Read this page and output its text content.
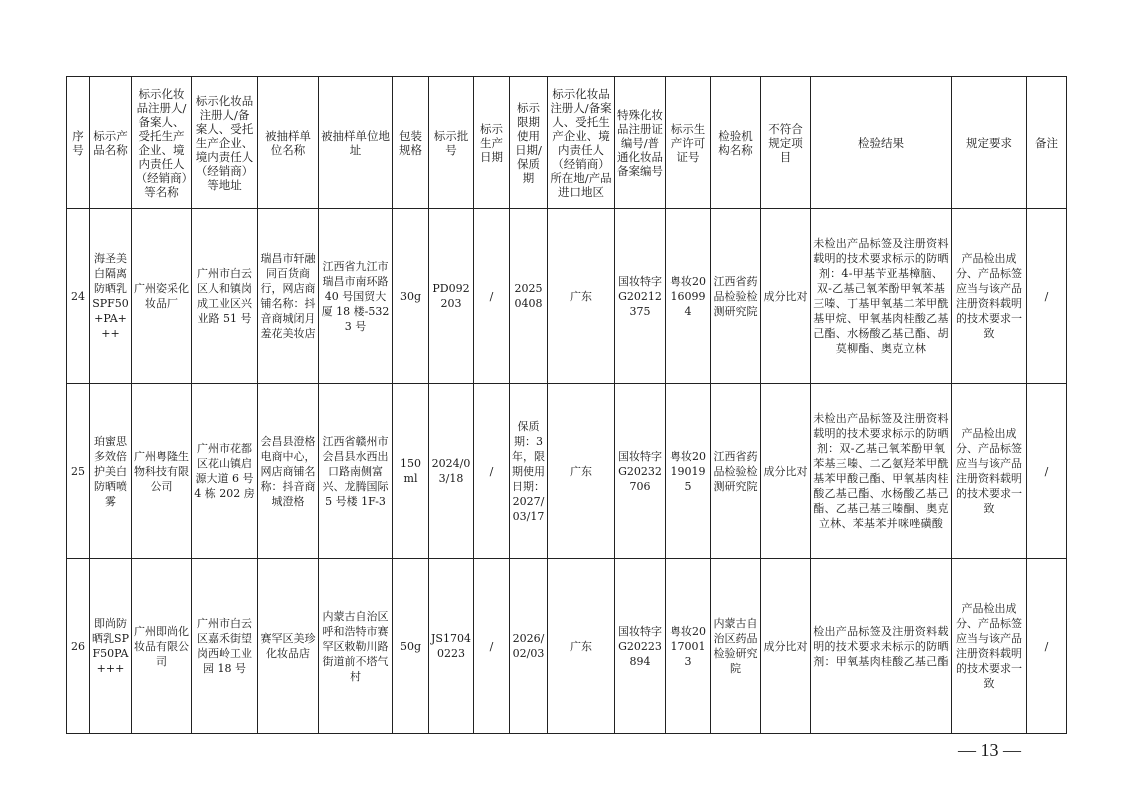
序号	标示产品名称	标示化妆品注册人/备案人、受托生产企业、境内责任人（经销商）等名称	标示化妆品注册人/备案人、受托生产企业、境内责任人（经销商）等地址	被抽样单位名称	被抽样单位地址	包装规格	标示批号	标示生产日期	标示限期使用日期/保质期	标示化妆品注册人/备案人、受托生产企业、境内责任人（经销商）所在地/产品进口地区	特殊化妆品注册证编号/普通化妆品备案编号	标示生产许可证号	检验机构名称	不符合规定项目	检验结果	规定要求	备注
24	海圣美白隔离防晒乳SPF50+PA+++	广州姿采化妆品厂	广州市白云区人和镇岗成工业区兴业路 51 号	瑞昌市轩融同百货商行，网店商铺名称：抖音商城闭月羞花美妆店	江西省九江市瑞昌市南环路 40 号国贸大厦 18 楼-5323 号	30g	PD092203	/	20250408	广东	国妆特字G20212375	粤妆20160994	江西省药品检验检测研究院	成分比对	未检出产品标签及注册资料载明的技术要求标示的防晒剂：4-甲基苄亚基樟脑、双-乙基己氧苯酚甲氧苯基三嗪、丁基甲氧基二苯甲酰基甲烷、甲氧基肉桂酸乙基己酯、水杨酸乙基己酯、胡莫柳酯、奥克立林	产品检出成分、产品标签应当与该产品注册资料载明的技术要求一致	/
25	珀蜜思多效倍护美白防晒喷雾	广州粤隆生物科技有限公司	广州市花都区花山镇启源大道 6 号 4 栋 202 房	会昌县澄格电商中心，网店商铺名称：抖音商城澄格	江西省赣州市会昌县水西出口路南侧富兴、龙腾国际 5 号楼 1F-3	150ml	2024/03/18	/	保质期：3年，限期使用日期：2027/03/17	广东	国妆特字G20232706	粤妆20190195	江西省药品检验检测研究院	成分比对	未检出产品标签及注册资料载明的技术要求标示的防晒剂：双-乙基己氧苯酚甲氧苯基三嗪、二乙氨羟苯甲酰基苯甲酸己酯、甲氧基肉桂酸乙基己酯、水杨酸乙基己酯、乙基己基三嗪酮、奥克立林、苯基苯并咪唑磺酸	产品检出成分、产品标签应当与该产品注册资料载明的技术要求一致	/
26	即尚防晒乳SPF50PA+++	广州即尚化妆品有限公司	广州市白云区嘉禾街望岗西岭工业园 18 号	赛罕区美珍化妆品店	内蒙古自治区呼和浩特市赛罕区敕勒川路街道前不塔气村	50g	JS17040223	/	2026/02/03	广东	国妆特字G20223894	粤妆20170013	内蒙古自治区药品检验研究院	成分比对	检出产品标签及注册资料载明的技术要求未标示的防晒剂：甲氧基肉桂酸乙基己酯	产品检出成分、产品标签应当与该产品注册资料载明的技术要求一致	/
— 13 —
